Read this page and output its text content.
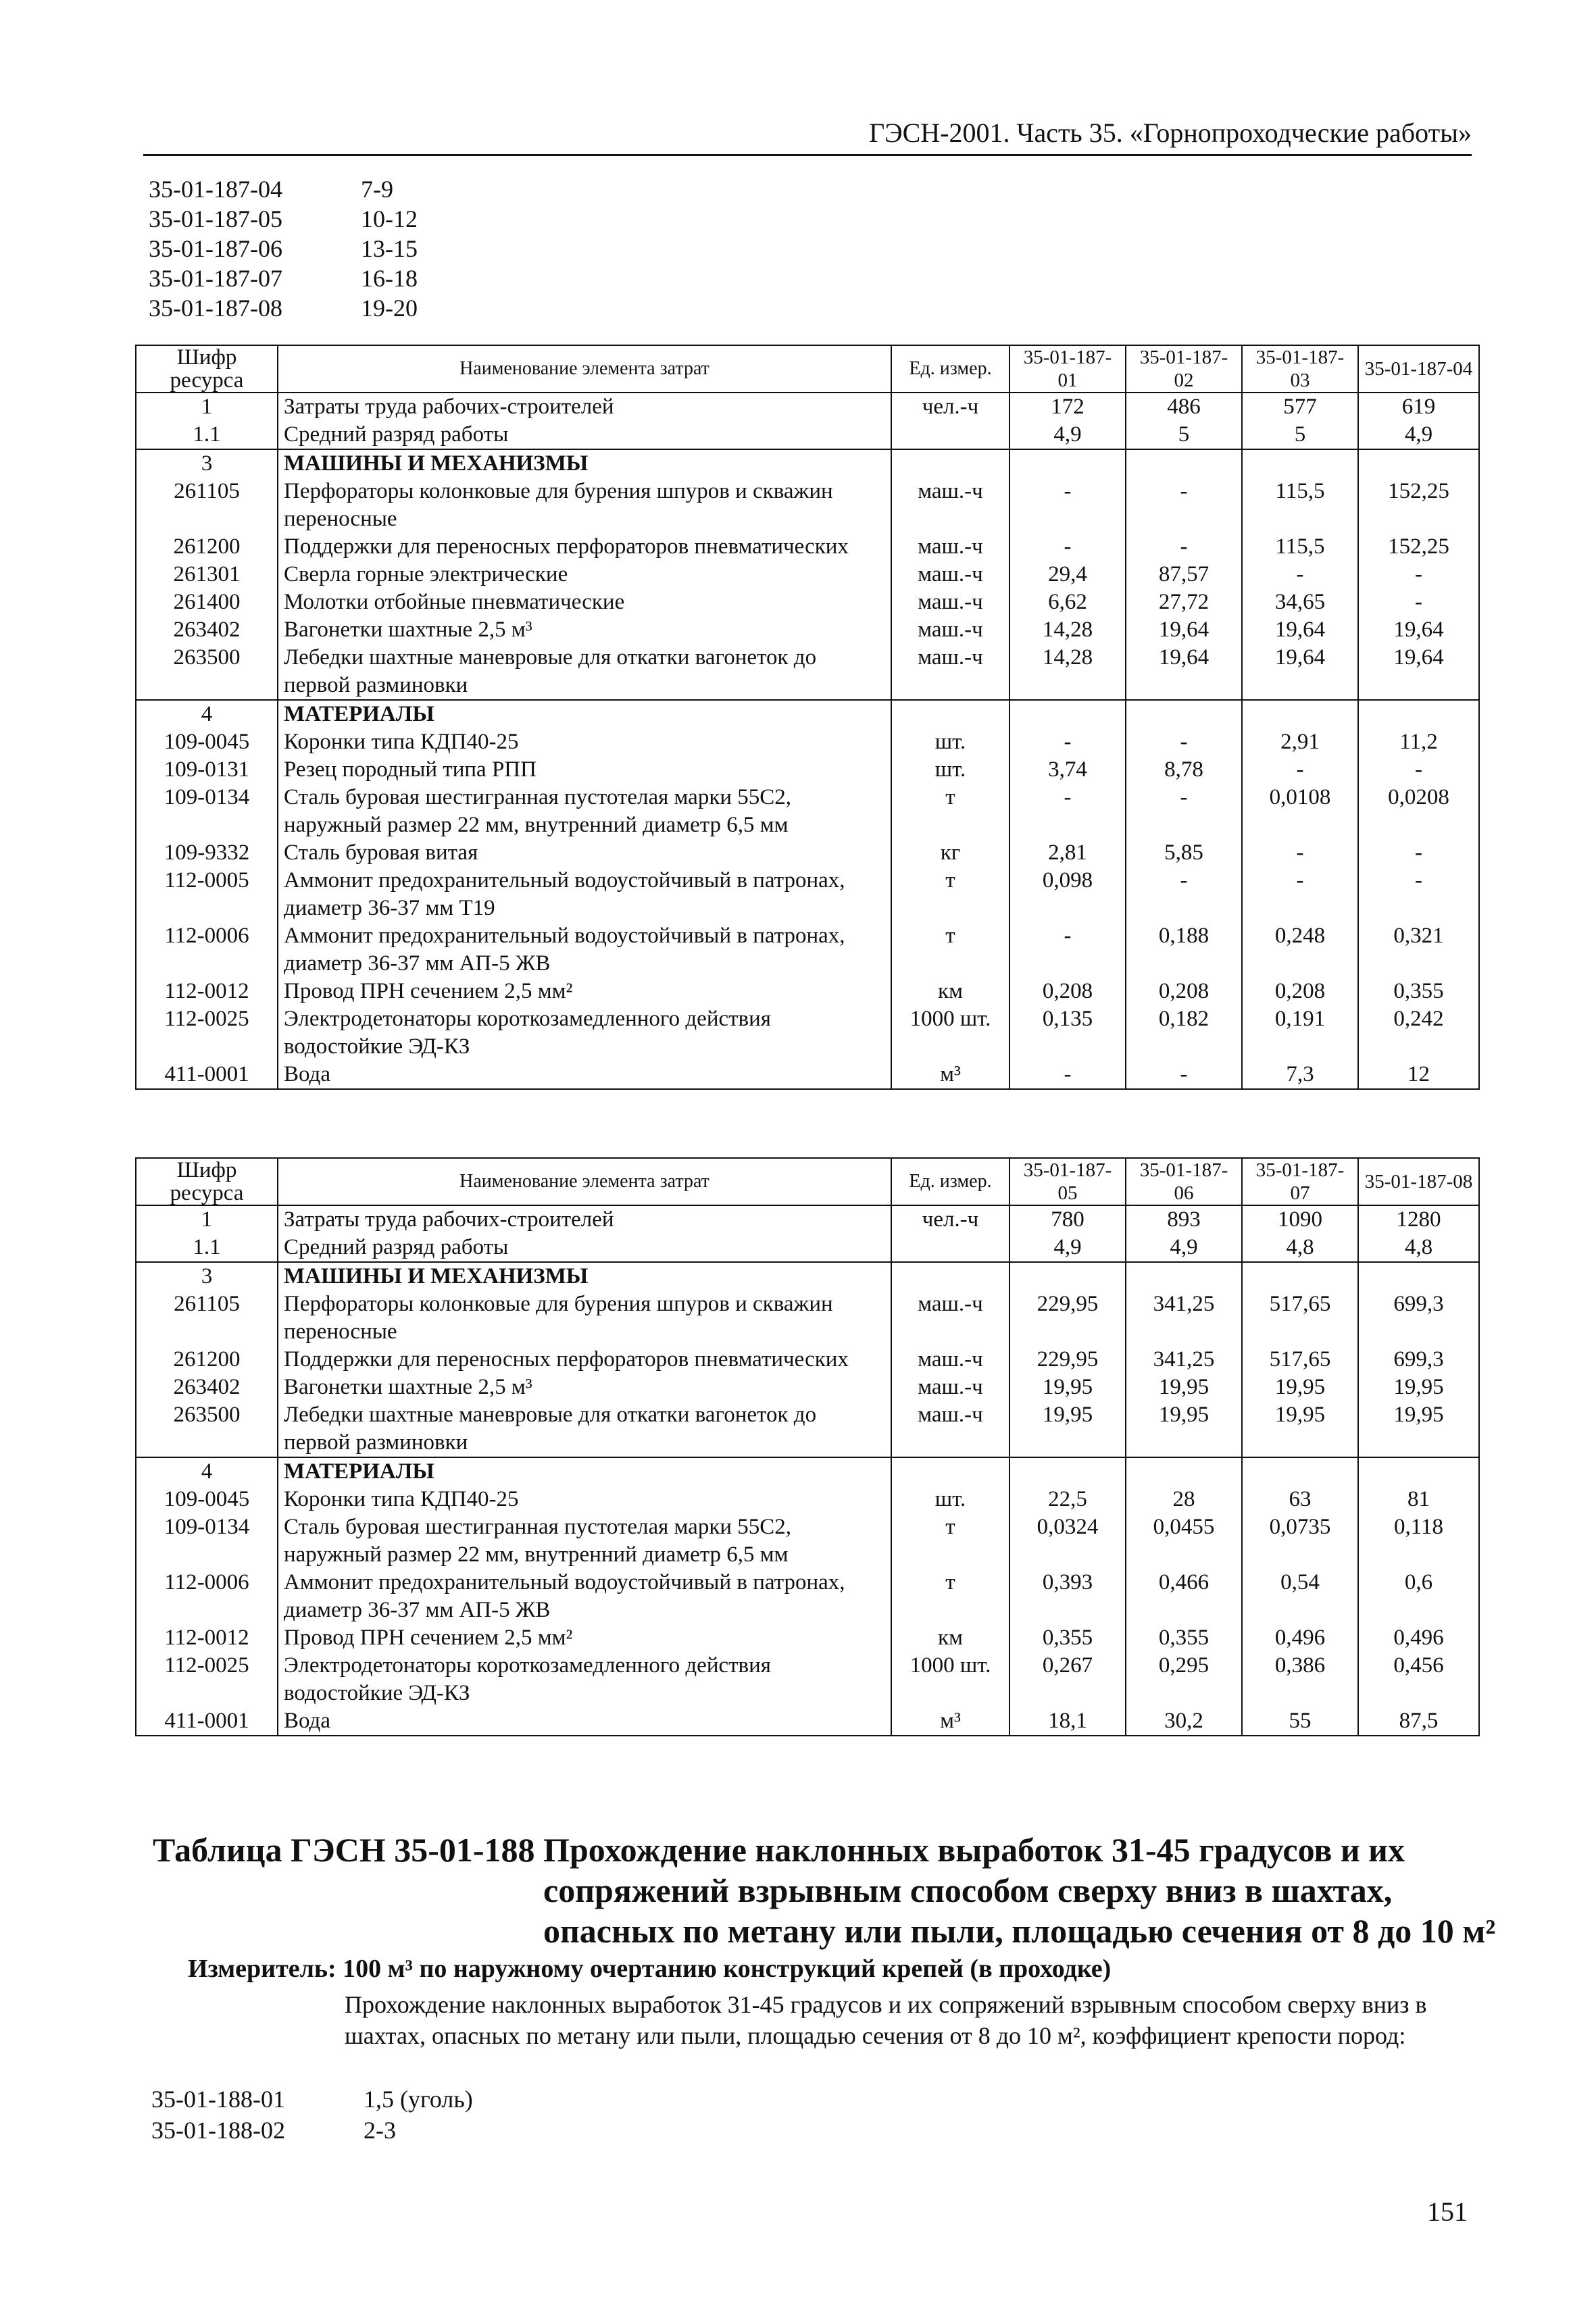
ГЭСН-2001. Часть 35. «Горнопроходческие работы»
35-01-187-04	7-9
35-01-187-05	10-12
35-01-187-06	13-15
35-01-187-07	16-18
35-01-187-08	19-20
Шифр ресурса	Наименование элемента затрат	Ед. измер.	35-01-187-01	35-01-187-02	35-01-187-03	35-01-187-04
1	Затраты труда рабочих-строителей	чел.-ч	172	486	577	619
1.1	Средний разряд работы		4,9	5	5	4,9
3	МАШИНЫ И МЕХАНИЗМЫ					
261105	Перфораторы колонковые для бурения шпуров и скважин переносные	маш.-ч	-	-	115,5	152,25
261200	Поддержки для переносных перфораторов пневматических	маш.-ч	-	-	115,5	152,25
261301	Сверла горные электрические	маш.-ч	29,4	87,57	-	-
261400	Молотки отбойные пневматические	маш.-ч	6,62	27,72	34,65	-
263402	Вагонетки шахтные 2,5 м³	маш.-ч	14,28	19,64	19,64	19,64
263500	Лебедки шахтные маневровые для откатки вагонеток до первой разминовки	маш.-ч	14,28	19,64	19,64	19,64
4	МАТЕРИАЛЫ					
109-0045	Коронки типа КДП40-25	шт.	-	-	2,91	11,2
109-0131	Резец породный типа РПП	шт.	3,74	8,78	-	-
109-0134	Сталь буровая шестигранная пустотелая марки 55С2, наружный размер 22 мм, внутренний диаметр 6,5 мм	т	-	-	0,0108	0,0208
109-9332	Сталь буровая витая	кг	2,81	5,85	-	-
112-0005	Аммонит предохранительный водоустойчивый в патронах, диаметр 36-37 мм Т19	т	0,098	-	-	-
112-0006	Аммонит предохранительный водоустойчивый в патронах, диаметр 36-37 мм АП-5 ЖВ	т	-	0,188	0,248	0,321
112-0012	Провод ПРН сечением 2,5 мм²	км	0,208	0,208	0,208	0,355
112-0025	Электродетонаторы короткозамедленного действия водостойкие ЭД-КЗ	1000 шт.	0,135	0,182	0,191	0,242
411-0001	Вода	м³	-	-	7,3	12
Шифр ресурса	Наименование элемента затрат	Ед. измер.	35-01-187-05	35-01-187-06	35-01-187-07	35-01-187-08
1	Затраты труда рабочих-строителей	чел.-ч	780	893	1090	1280
1.1	Средний разряд работы		4,9	4,9	4,8	4,8
3	МАШИНЫ И МЕХАНИЗМЫ					
261105	Перфораторы колонковые для бурения шпуров и скважин переносные	маш.-ч	229,95	341,25	517,65	699,3
261200	Поддержки для переносных перфораторов пневматических	маш.-ч	229,95	341,25	517,65	699,3
263402	Вагонетки шахтные 2,5 м³	маш.-ч	19,95	19,95	19,95	19,95
263500	Лебедки шахтные маневровые для откатки вагонеток до первой разминовки	маш.-ч	19,95	19,95	19,95	19,95
4	МАТЕРИАЛЫ					
109-0045	Коронки типа КДП40-25	шт.	22,5	28	63	81
109-0134	Сталь буровая шестигранная пустотелая марки 55С2, наружный размер 22 мм, внутренний диаметр 6,5 мм	т	0,0324	0,0455	0,0735	0,118
112-0006	Аммонит предохранительный водоустойчивый в патронах, диаметр 36-37 мм АП-5 ЖВ	т	0,393	0,466	0,54	0,6
112-0012	Провод ПРН сечением 2,5 мм²	км	0,355	0,355	0,496	0,496
112-0025	Электродетонаторы короткозамедленного действия водостойкие ЭД-КЗ	1000 шт.	0,267	0,295	0,386	0,456
411-0001	Вода	м³	18,1	30,2	55	87,5
Таблица ГЭСН 35-01-188 Прохождение наклонных выработок 31-45 градусов и их
сопряжений взрывным способом сверху вниз в шахтах,
опасных по метану или пыли, площадью сечения от 8 до 10 м²
Измеритель: 100 м³ по наружному очертанию конструкций крепей (в проходке)
Прохождение наклонных выработок 31-45 градусов и их сопряжений взрывным способом сверху вниз в шахтах, опасных по метану или пыли, площадью сечения от 8 до 10 м², коэффициент крепости пород:
35-01-188-01	1,5 (уголь)
35-01-188-02	2-3
151
